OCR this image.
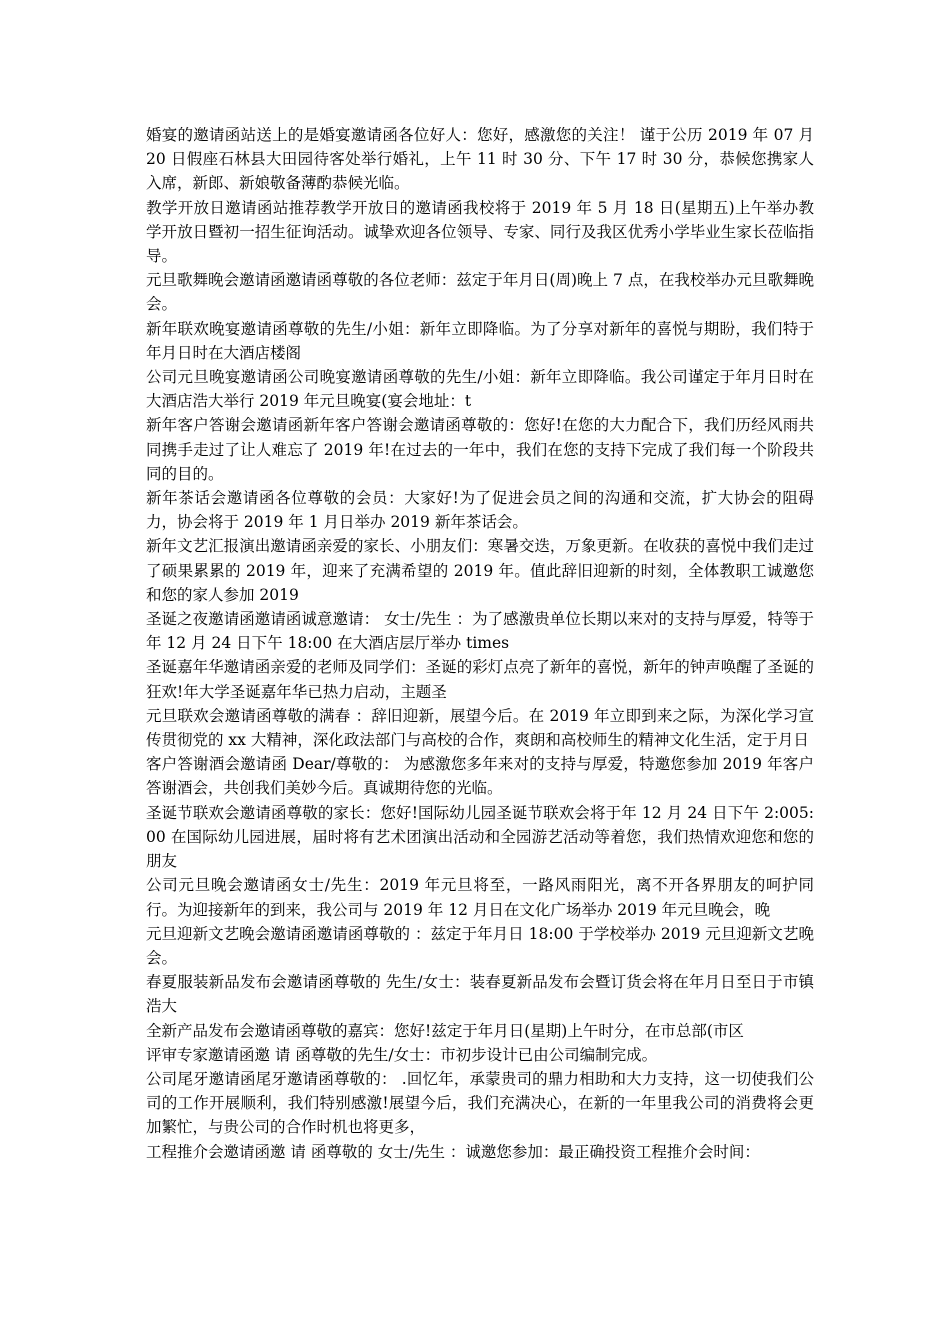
婚宴的邀请函站送上的是婚宴邀请函各位好人：您好，感激您的关注！ 谨于公历 2019 年 07 月 20 日假座石林县大田园待客处举行婚礼，上午 11 时 30 分、下午 17 时 30 分，恭候您携家人入席，新郎、新娘敬备薄酌恭候光临。

教学开放日邀请函站推荐教学开放日的邀请函我校将于 2019 年 5 月 18 日(星期五)上午举办教学开放日暨初一招生征询活动。诚挚欢迎各位领导、专家、同行及我区优秀小学毕业生家长莅临指导。

元旦歌舞晚会邀请函邀请函尊敬的各位老师：兹定于年月日(周)晚上 7 点，在我校举办元旦歌舞晚会。

新年联欢晚宴邀请函尊敬的先生/小姐：新年立即降临。为了分享对新年的喜悦与期盼，我们特于年月日时在大酒店楼阁

公司元旦晚宴邀请函公司晚宴邀请函尊敬的先生/小姐：新年立即降临。我公司谨定于年月日时在大酒店浩大举行 2019 年元旦晚宴(宴会地址：t

新年客户答谢会邀请函新年客户答谢会邀请函尊敬的：您好!在您的大力配合下，我们历经风雨共同携手走过了让人难忘了 2019 年!在过去的一年中，我们在您的支持下完成了我们每一个阶段共同的目的。

新年茶话会邀请函各位尊敬的会员：大家好!为了促进会员之间的沟通和交流，扩大协会的阻碍力，协会将于 2019 年 1 月日举办 2019 新年茶话会。

新年文艺汇报演出邀请函亲爱的家长、小朋友们：寒暑交迭，万象更新。在收获的喜悦中我们走过了硕果累累的 2019 年，迎来了充满希望的 2019 年。值此辞旧迎新的时刻，全体教职工诚邀您和您的家人参加 2019

圣诞之夜邀请函邀请函诚意邀请： 女士/先生 ：为了感激贵单位长期以来对的支持与厚爱，特等于年 12 月 24 日下午 18:00 在大酒店层厅举办 times

圣诞嘉年华邀请函亲爱的老师及同学们：圣诞的彩灯点亮了新年的喜悦，新年的钟声唤醒了圣诞的狂欢!年大学圣诞嘉年华已热力启动，主题圣

元旦联欢会邀请函尊敬的满春 ：辞旧迎新，展望今后。在 2019 年立即到来之际，为深化学习宣传贯彻党的 xx 大精神，深化政法部门与高校的合作，爽朗和高校师生的精神文化生活，定于月日

客户答谢酒会邀请函 Dear/尊敬的： 为感激您多年来对的支持与厚爱，特邀您参加 2019 年客户答谢酒会，共创我们美妙今后。真诚期待您的光临。

圣诞节联欢会邀请函尊敬的家长：您好!国际幼儿园圣诞节联欢会将于年 12 月 24 日下午 2:005:00 在国际幼儿园进展，届时将有艺术团演出活动和全园游艺活动等着您，我们热情欢迎您和您的朋友

公司元旦晚会邀请函女士/先生：2019 年元旦将至，一路风雨阳光，离不开各界朋友的呵护同行。为迎接新年的到来，我公司与 2019 年 12 月日在文化广场举办 2019 年元旦晚会，晚

元旦迎新文艺晚会邀请函邀请函尊敬的 ：兹定于年月日 18:00 于学校举办 2019 元旦迎新文艺晚会。

春夏服装新品发布会邀请函尊敬的 先生/女士：装春夏新品发布会暨订货会将在年月日至日于市镇浩大

全新产品发布会邀请函尊敬的嘉宾：您好!兹定于年月日(星期)上午时分，在市总部(市区

评审专家邀请函邀 请 函尊敬的先生/女士：市初步设计已由公司编制完成。

公司尾牙邀请函尾牙邀请函尊敬的： .回忆年，承蒙贵司的鼎力相助和大力支持，这一切使我们公司的工作开展顺利，我们特别感激!展望今后，我们充满决心，在新的一年里我公司的消费将会更加繁忙，与贵公司的合作时机也将更多，

工程推介会邀请函邀 请 函尊敬的 女士/先生 ：诚邀您参加：最正确投资工程推介会时间：
